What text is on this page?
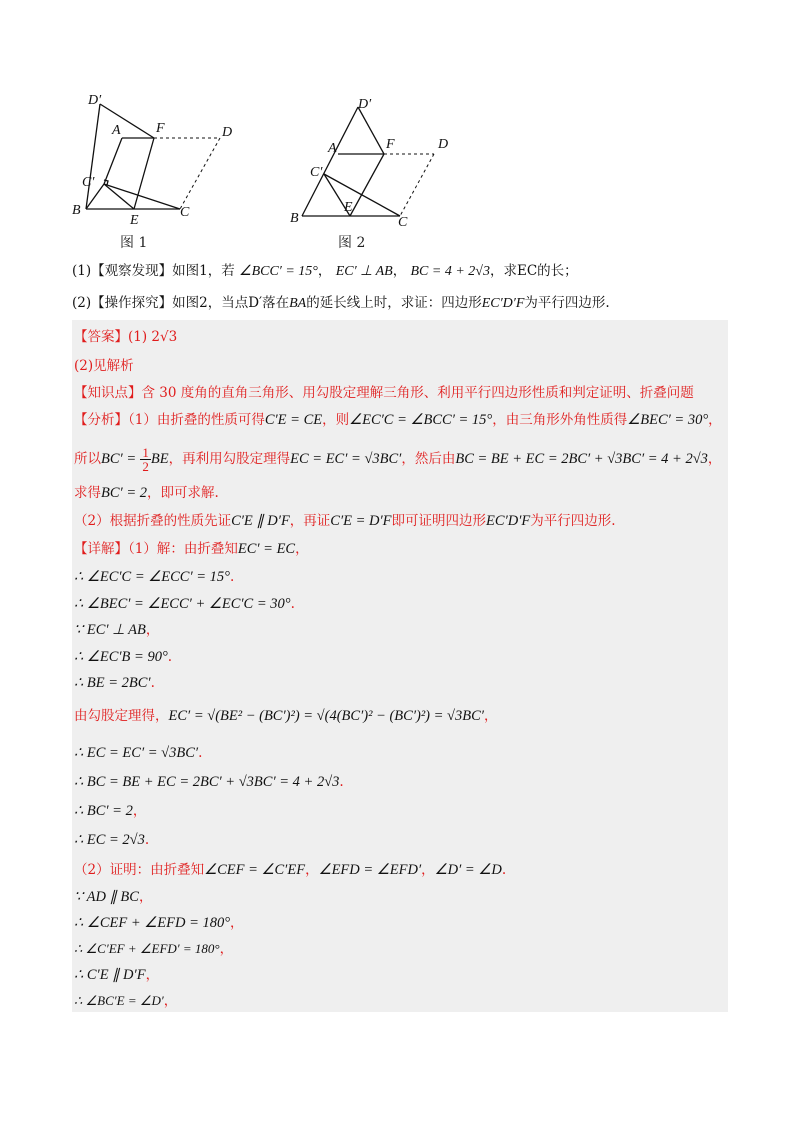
D′
A	F	D
C′
B
E
C
图 1
D′
A	F	D
C′
B
E
C
图 2
(1)【观察发现】如图1，若 ∠BCC′ = 15°， EC′ ⊥ AB， BC = 4 + 2√3，求EC的长；
(2)【操作探究】如图2，当点D′落在BA的延长线上时，求证：四边形EC′D′F为平行四边形.
【答案】(1) 2√3
(2)见解析
【知识点】含 30 度角的直角三角形、用勾股定理解三角形、利用平行四边形性质和判定证明、折叠问题
【分析】（1）由折叠的性质可得C′E = CE，则∠EC′C = ∠BCC′ = 15°，由三角形外角性质得∠BEC′ = 30°，
所以$BC' = \frac{1}{2}$ BE，再利用勾股定理得EC = EC′ = √3BC′，然后由BC = BE + EC = 2BC′ + √3BC′ = 4 + 2√3，
求得BC′ = 2，即可求解.
（2）根据折叠的性质先证C′E ∥ D′F，再证C′E = D′F即可证明四边形EC′D′F为平行四边形.
【详解】（1）解：由折叠知EC′ = EC，
∴ ∠EC′C = ∠ECC′ = 15°.
∴ ∠BEC′ = ∠ECC′ + ∠EC′C = 30°.
∵ EC′ ⊥ AB，
∴ ∠EC′B = 90°.
∴ BE = 2BC′.
由勾股定理得，EC′ = √(BE² − (BC′)²) = √(4(BC′)² − (BC′)²) = √3BC′，
∴ EC = EC′ = √3BC′.
∴ BC = BE + EC = 2BC′ + √3BC′ = 4 + 2√3.
∴ BC′ = 2，
∴ EC = 2√3.
（2）证明：由折叠知∠CEF = ∠C′EF，∠EFD = ∠EFD′，∠D′ = ∠D.
∵ AD ∥ BC，
∴ ∠CEF + ∠EFD = 180°，
∴ ∠C′EF + ∠EFD′ = 180°，
∴ C′E ∥ D′F，
∴ ∠BC′E = ∠D′，
